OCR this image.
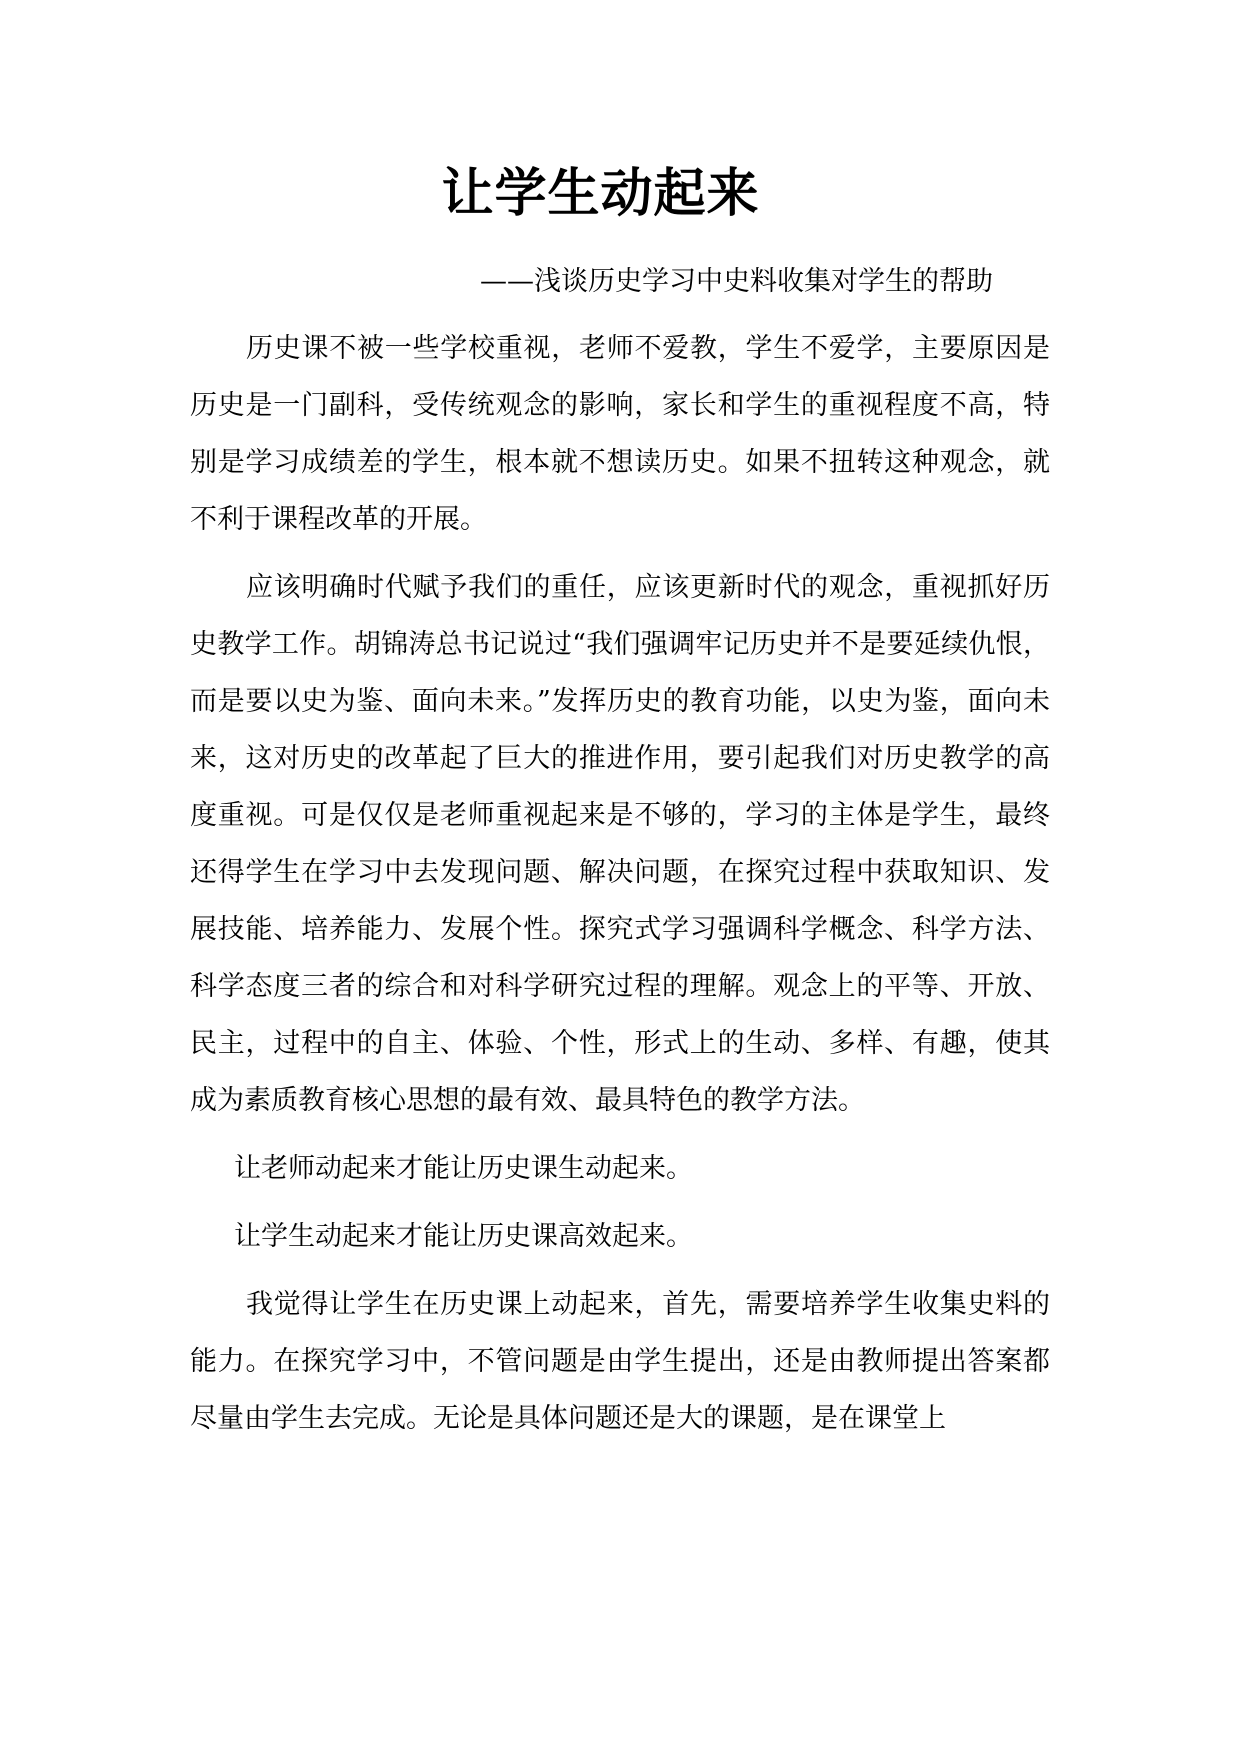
让学生动起来

——浅谈历史学习中史料收集对学生的帮助

历史课不被一些学校重视，老师不爱教，学生不爱学，主要原因是历史是一门副科，受传统观念的影响，家长和学生的重视程度不高，特别是学习成绩差的学生，根本就不想读历史。如果不扭转这种观念，就不利于课程改革的开展。

应该明确时代赋予我们的重任，应该更新时代的观念，重视抓好历史教学工作。胡锦涛总书记说过“我们强调牢记历史并不是要延续仇恨，而是要以史为鉴、面向未来。”发挥历史的教育功能，以史为鉴，面向未来，这对历史的改革起了巨大的推进作用，要引起我们对历史教学的高度重视。可是仅仅是老师重视起来是不够的，学习的主体是学生，最终还得学生在学习中去发现问题、解决问题，在探究过程中获取知识、发展技能、培养能力、发展个性。探究式学习强调科学概念、科学方法、科学态度三者的综合和对科学研究过程的理解。观念上的平等、开放、民主，过程中的自主、体验、个性，形式上的生动、多样、有趣，使其成为素质教育核心思想的最有效、最具特色的教学方法。

让老师动起来才能让历史课生动起来。

让学生动起来才能让历史课高效起来。

我觉得让学生在历史课上动起来，首先，需要培养学生收集史料的能力。在探究学习中，不管问题是由学生提出，还是由教师提出答案都尽量由学生去完成。无论是具体问题还是大的课题，是在课堂上
